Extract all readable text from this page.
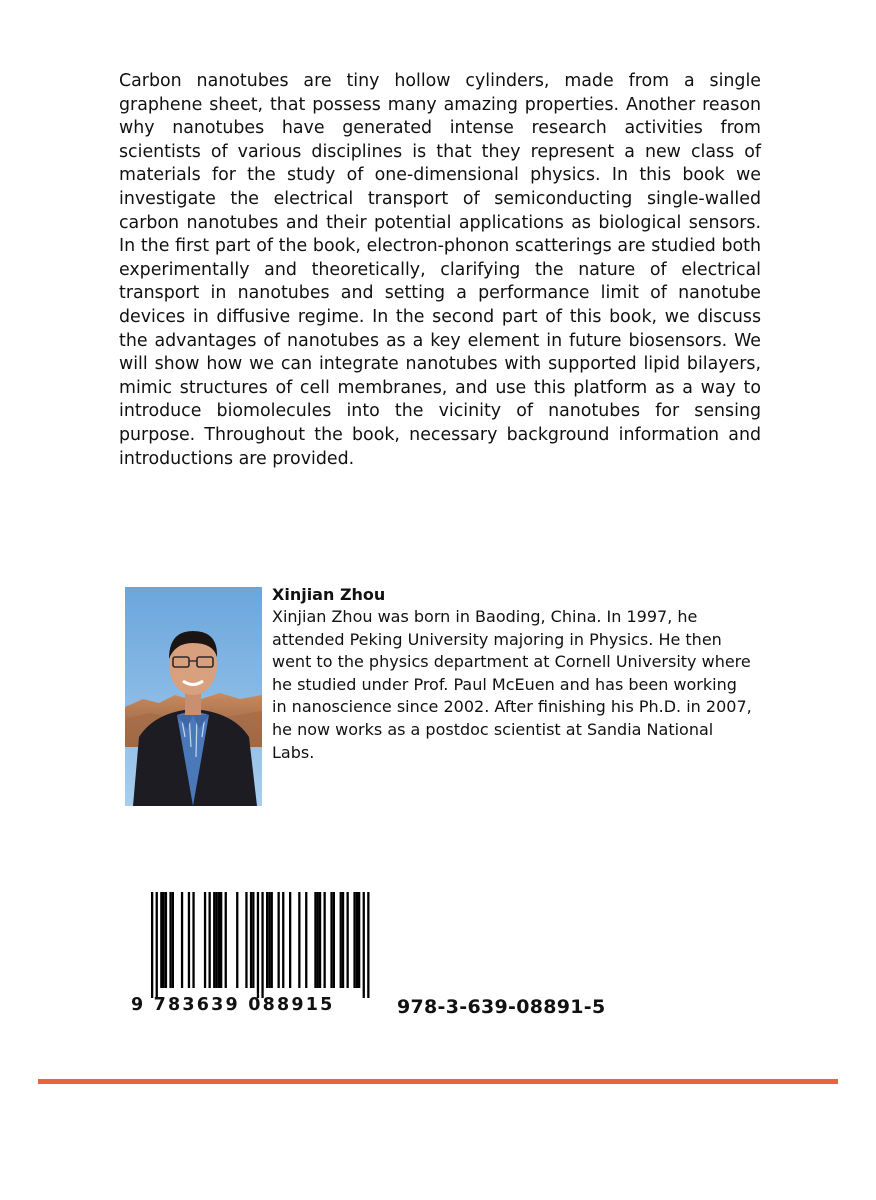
Carbon nanotubes are tiny hollow cylinders, made from a single graphene sheet, that possess many amazing properties. Another reason why nanotubes have generated intense research activities from scientists of various disciplines is that they represent a new class of materials for the study of one-dimensional physics. In this book we investigate the electrical transport of semiconducting single-walled carbon nanotubes and their potential applications as biological sensors. In the first part of the book, electron-phonon scatterings are studied both experimentally and theoretically, clarifying the nature of electrical transport in nanotubes and setting a performance limit of nanotube devices in diffusive regime. In the second part of this book, we discuss the advantages of nanotubes as a key element in future biosensors. We will show how we can integrate nanotubes with supported lipid bilayers, mimic structures of cell membranes, and use this platform as a way to introduce biomolecules into the vicinity of nanotubes for sensing purpose. Throughout the book, necessary background information and introductions are provided.

Xinjian Zhou

Xinjian Zhou was born in Baoding, China. In 1997, he attended Peking University majoring in Physics. He then went to the physics department at Cornell University where he studied under Prof. Paul McEuen and has been working in nanoscience since 2002. After finishing his Ph.D. in 2007, he now works as a postdoc scientist at Sandia National Labs.

9 783639 088915	978-3-639-08891-5
